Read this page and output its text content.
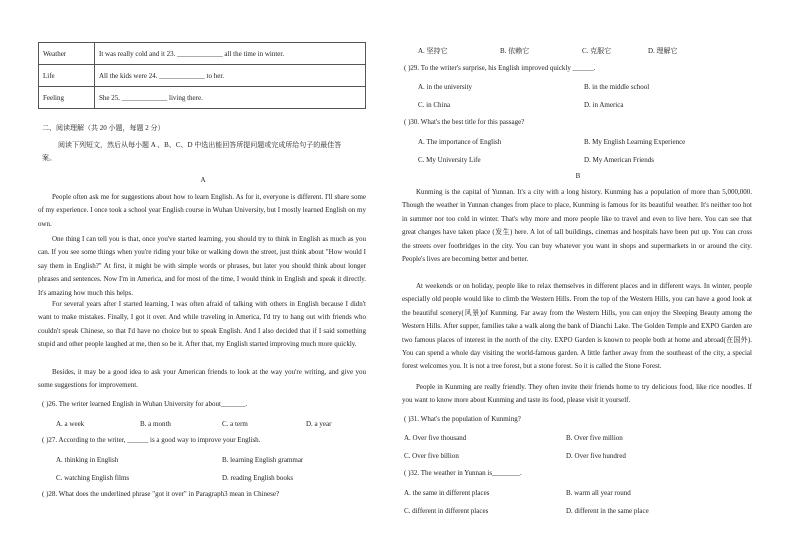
Weather	It was really cold and it 23. _____________ all the time in winter.
Life	All the kids were 24. _____________ to her.
Feeling	She 25. _____________ living there.
二、阅读理解（共 20 小题，每题 2 分）
阅读下列短文，然后从每小题 A 、B、C、D 中选出能回答所提问题或完成所给句子的最佳答
案。
A
People often ask me for suggestions about how to learn English. As for it, everyone is different. I'll share some of my experience. I once took a school year English course in Wuhan University, but I mostly learned English on my own.
One thing I can tell you is that, once you've started learning, you should try to think in English as much as you can. If you see some things when you're riding your bike or walking down the street, just think about "How would I say them in English?" At first, it might be with simple words or phrases, but later you should think about longer phrases and sentences. Now I'm in America, and for most of the time, I would think in English and speak it directly. It's amazing how much this helps.
For several years after I started learning, I was often afraid of talking with others in English because I didn't want to make mistakes. Finally, I got it over. And while traveling in America, I'd try to hang out with friends who couldn't speak Chinese, so that I'd have no choice but to speak English. And I also decided that if I said something stupid and other people laughed at me, then so be it. After that, my English started improving much more quickly.
Besides, it may be a good idea to ask your American friends to look at the way you're writing, and give you some suggestions for improvement.
( )26. The writer learned English in Wuhan University for about_______.
A. a week	B. a month	C. a term	D. a year
( )27. According to the writer, ______ is a good way to improve your English.
A. thinking in English	B. learning English grammar
C. watching English films	D. reading English books
( )28. What does the underlined phrase "got it over" in Paragraph3 mean in Chinese?
A. 坚持它	B. 依赖它	C. 克服它	D. 理解它
( )29. To the writer's surprise, his English improved quickly ______.
A. in the university	B. in the middle school
C. in China	D. in America
( )30. What's the best title for this passage?
A. The importance of English	B. My English Learning Experience
C. My University Life	D. My American Friends
B
Kunming is the capital of Yunnan. It's a city with a long history. Kunming has a population of more than 5,000,000. Though the weather in Yunnan changes from place to place, Kunming is famous for its beautiful weather. It's neither too hot in summer nor too cold in winter. That's why more and more people like to travel and even to live here. You can see that great changes have taken place (发生) here. A lot of tall buildings, cinemas and hospitals have been put up. You can cross the streets over footbridges in the city. You can buy whatever you want in shops and supermarkets in or around the city. People's lives are becoming better and better.
At weekends or on holiday, people like to relax themselves in different places and in different ways. In winter, people especially old people would like to climb the Western Hills. From the top of the Western Hills, you can have a good look at the beautiful scenery(风景)of Kunming. Far away from the Western Hills, you can enjoy the Sleeping Beauty among the Western Hills. After supper, families take a walk along the bank of Dianchi Lake. The Golden Temple and EXPO Garden are two famous places of interest in the north of the city. EXPO Garden is known to people both at home and abroad(在国外). You can spend a whole day visiting the world-famous garden. A little farther away from the southeast of the city, a special forest welcomes you. It is not a tree forest, but a stone forest. So it is called the Stone Forest.
People in Kunming are really friendly. They often invite their friends home to try delicious food, like rice noodles. If you want to know more about Kunming and taste its food, please visit it yourself.
( )31. What's the population of Kunming?
A. Over five thousand	B. Over five million
C. Over five billion	D. Over five hundred
( )32. The weather in Yunnan is________.
A. the same in different places	B. warm all year round
C. different in different places	D. different in the same place
